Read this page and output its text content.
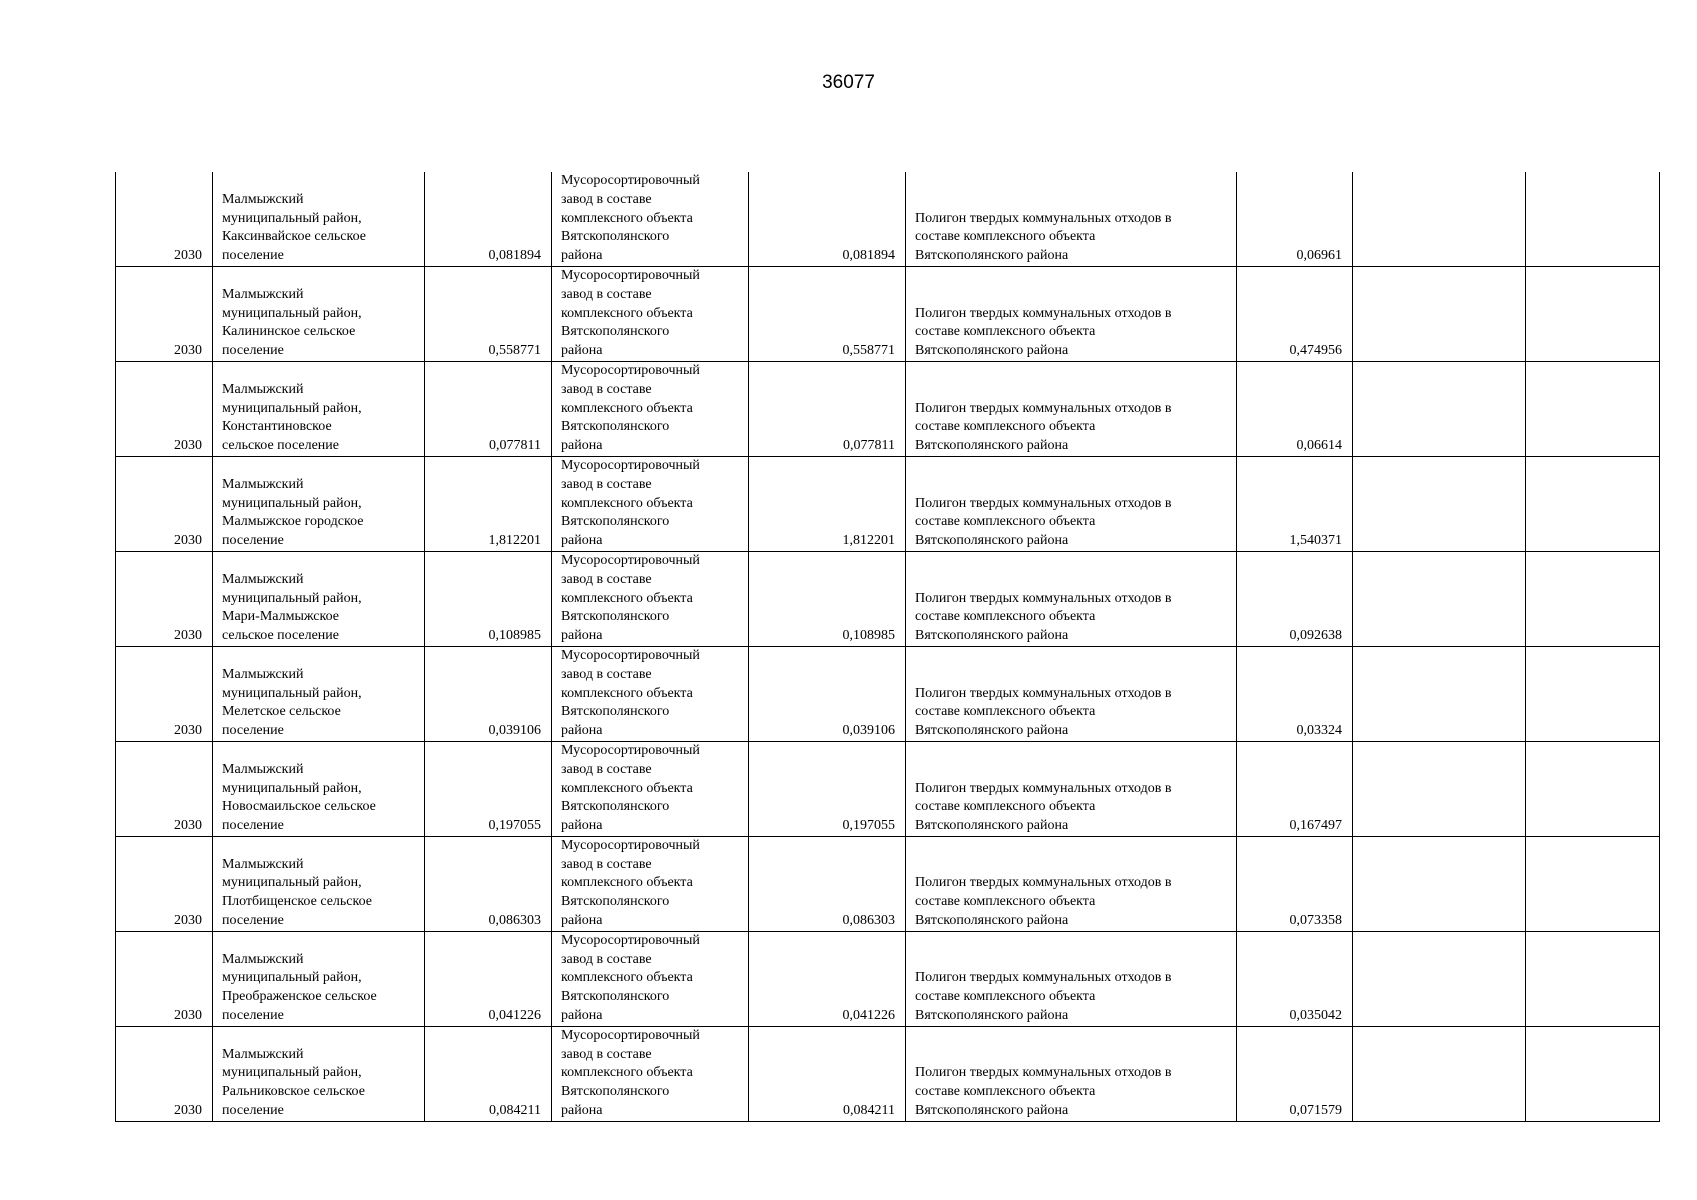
36077
2030	Малмыжский
муниципальный район,
Каксинвайское сельское
поселение	0,081894	Мусоросортировочный
завод в составе
комплексного объекта
Вятскополянского
района	0,081894	Полигон твердых коммунальных отходов в
составе комплексного объекта
Вятскополянского района	0,06961		
2030	Малмыжский
муниципальный район,
Калининское сельское
поселение	0,558771	Мусоросортировочный
завод в составе
комплексного объекта
Вятскополянского
района	0,558771	Полигон твердых коммунальных отходов в
составе комплексного объекта
Вятскополянского района	0,474956		
2030	Малмыжский
муниципальный район,
Константиновское
сельское поселение	0,077811	Мусоросортировочный
завод в составе
комплексного объекта
Вятскополянского
района	0,077811	Полигон твердых коммунальных отходов в
составе комплексного объекта
Вятскополянского района	0,06614		
2030	Малмыжский
муниципальный район,
Малмыжское городское
поселение	1,812201	Мусоросортировочный
завод в составе
комплексного объекта
Вятскополянского
района	1,812201	Полигон твердых коммунальных отходов в
составе комплексного объекта
Вятскополянского района	1,540371		
2030	Малмыжский
муниципальный район,
Мари-Малмыжское
сельское поселение	0,108985	Мусоросортировочный
завод в составе
комплексного объекта
Вятскополянского
района	0,108985	Полигон твердых коммунальных отходов в
составе комплексного объекта
Вятскополянского района	0,092638		
2030	Малмыжский
муниципальный район,
Мелетское сельское
поселение	0,039106	Мусоросортировочный
завод в составе
комплексного объекта
Вятскополянского
района	0,039106	Полигон твердых коммунальных отходов в
составе комплексного объекта
Вятскополянского района	0,03324		
2030	Малмыжский
муниципальный район,
Новосмаильское сельское
поселение	0,197055	Мусоросортировочный
завод в составе
комплексного объекта
Вятскополянского
района	0,197055	Полигон твердых коммунальных отходов в
составе комплексного объекта
Вятскополянского района	0,167497		
2030	Малмыжский
муниципальный район,
Плотбищенское сельское
поселение	0,086303	Мусоросортировочный
завод в составе
комплексного объекта
Вятскополянского
района	0,086303	Полигон твердых коммунальных отходов в
составе комплексного объекта
Вятскополянского района	0,073358		
2030	Малмыжский
муниципальный район,
Преображенское сельское
поселение	0,041226	Мусоросортировочный
завод в составе
комплексного объекта
Вятскополянского
района	0,041226	Полигон твердых коммунальных отходов в
составе комплексного объекта
Вятскополянского района	0,035042		
2030	Малмыжский
муниципальный район,
Ральниковское сельское
поселение	0,084211	Мусоросортировочный
завод в составе
комплексного объекта
Вятскополянского
района	0,084211	Полигон твердых коммунальных отходов в
составе комплексного объекта
Вятскополянского района	0,071579		
